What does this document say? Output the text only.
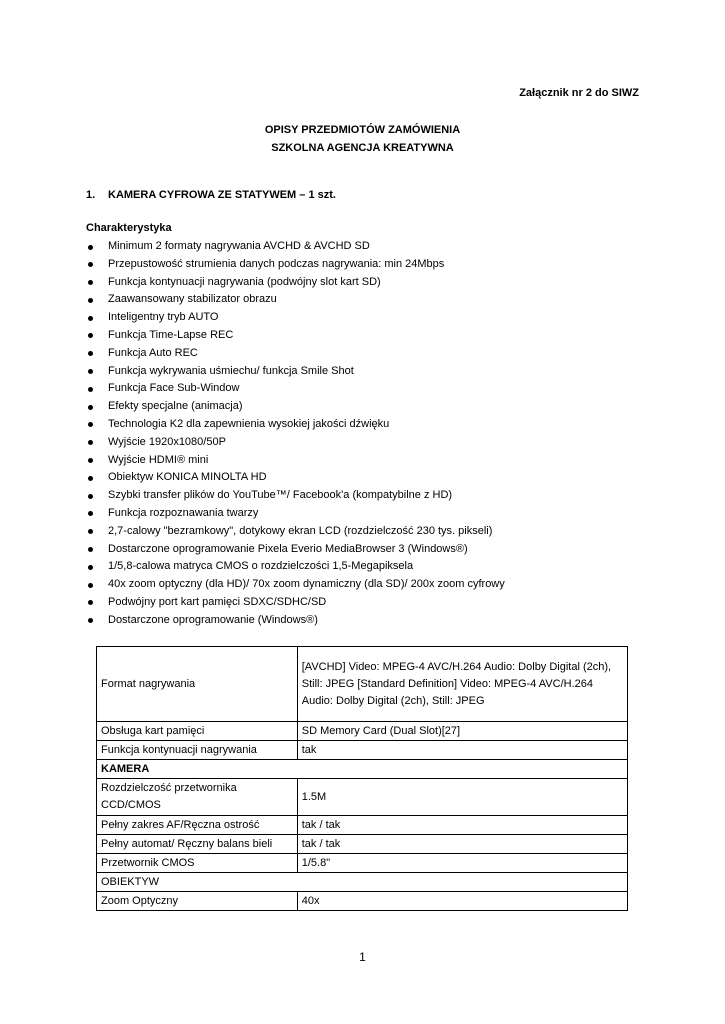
Załącznik nr 2 do SIWZ
OPISY PRZEDMIOTÓW ZAMÓWIENIA
SZKOLNA AGENCJA KREATYWNA
1. KAMERA CYFROWA ZE STATYWEM – 1 szt.
Charakterystyka
Minimum 2 formaty nagrywania AVCHD & AVCHD SD
Przepustowość strumienia danych podczas nagrywania: min 24Mbps
Funkcja kontynuacji nagrywania (podwójny slot kart SD)
Zaawansowany stabilizator obrazu
Inteligentny tryb AUTO
Funkcja Time-Lapse REC
Funkcja Auto REC
Funkcja wykrywania uśmiechu/ funkcja Smile Shot
Funkcja Face Sub-Window
Efekty specjalne (animacja)
Technologia K2 dla zapewnienia wysokiej jakości dźwięku
Wyjście 1920x1080/50P
Wyjście HDMI® mini
Obiektyw KONICA MINOLTA HD
Szybki transfer plików do YouTube™/ Facebook'a (kompatybilne z HD)
Funkcja rozpoznawania twarzy
2,7-calowy "bezramkowy", dotykowy ekran LCD (rozdzielczość 230 tys. pikseli)
Dostarczone oprogramowanie Pixela Everio MediaBrowser 3 (Windows®)
1/5,8-calowa matryca CMOS o rozdzielczości 1,5-Megapiksela
40x zoom optyczny (dla HD)/ 70x zoom dynamiczny (dla SD)/ 200x zoom cyfrowy
Podwójny port kart pamięci SDXC/SDHC/SD
Dostarczone oprogramowanie (Windows®)
Format nagrywania	[AVCHD] Video: MPEG-4 AVC/H.264 Audio: Dolby Digital (2ch),
Still: JPEG [Standard Definition] Video: MPEG-4 AVC/H.264
Audio: Dolby Digital (2ch), Still: JPEG

Obsługa kart pamięci	SD Memory Card (Dual Slot)[27]
Funkcja kontynuacji nagrywania	tak
KAMERA	

Rozdzielczość przetwornika
CCD/CMOS	1.5M
Pełny zakres AF/Ręczna ostrość	tak / tak
Pełny automat/ Ręczny balans bieli	tak / tak
Przetwornik CMOS	1/5.8"
OBIEKTYW	
Zoom Optyczny	40x
1
